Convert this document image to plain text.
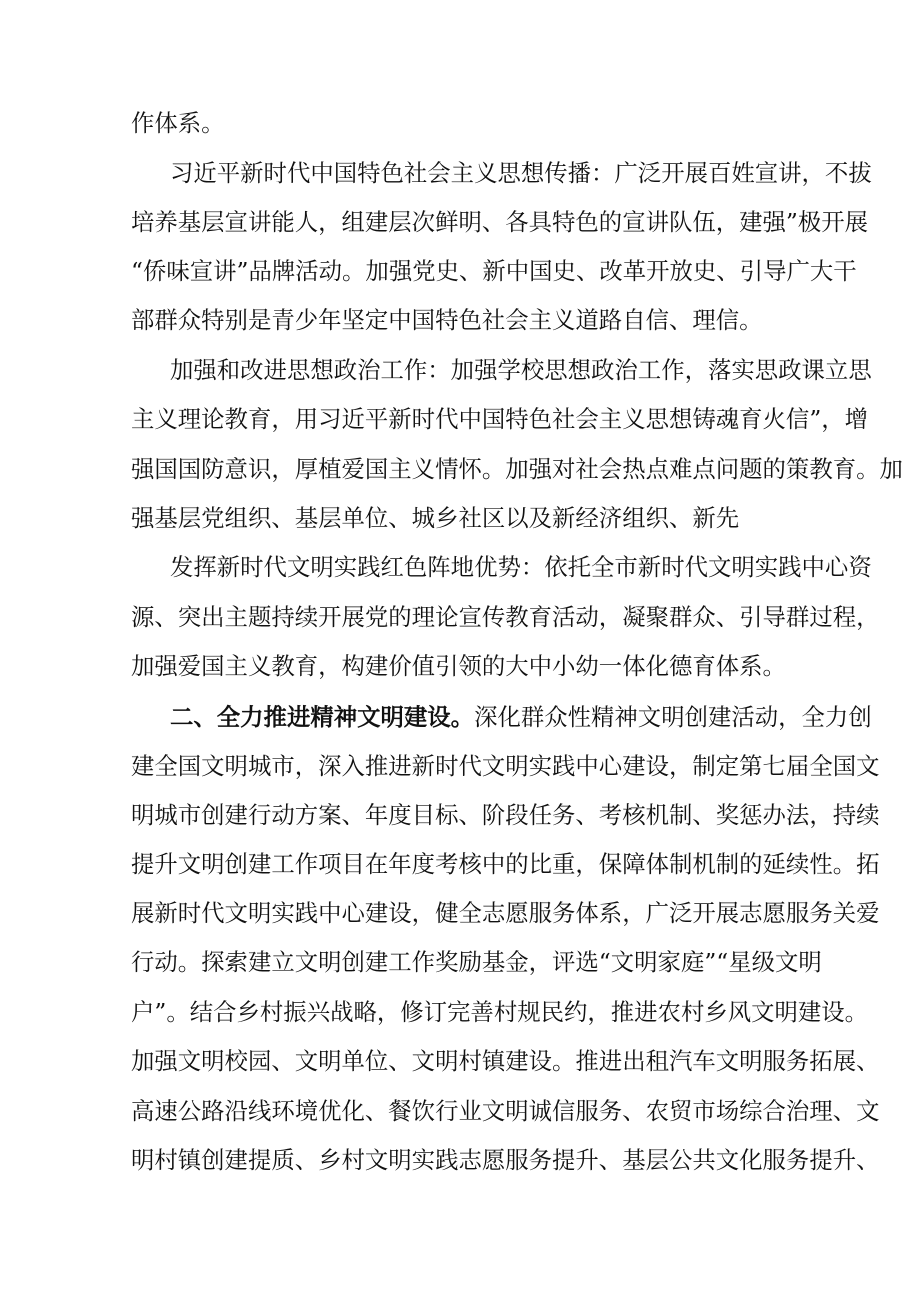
作体系。
习近平新时代中国特色社会主义思想传播：广泛开展百姓宣讲，不拔
培养基层宣讲能人，组建层次鲜明、各具特色的宣讲队伍，建强”极开展
“侨味宣讲”品牌活动。加强党史、新中国史、改革开放史、引导广大干
部群众特别是青少年坚定中国特色社会主义道路自信、理信。
加强和改进思想政治工作：加强学校思想政治工作，落实思政课立思
主义理论教育，用习近平新时代中国特色社会主义思想铸魂育火信”，增
强国国防意识，厚植爱国主义情怀。加强对社会热点难点问题的策教育。加
强基层党组织、基层单位、城乡社区以及新经济组织、新先
发挥新时代文明实践红色阵地优势：依托全市新时代文明实践中心资
源、突出主题持续开展党的理论宣传教育活动，凝聚群众、引导群过程，
加强爱国主义教育，构建价值引领的大中小幼一体化德育体系。
二、全力推进精神文明建设。深化群众性精神文明创建活动，全力创
建全国文明城市，深入推进新时代文明实践中心建设，制定第七届全国文
明城市创建行动方案、年度目标、阶段任务、考核机制、奖惩办法，持续
提升文明创建工作项目在年度考核中的比重，保障体制机制的延续性。拓
展新时代文明实践中心建设，健全志愿服务体系，广泛开展志愿服务关爱
行动。探索建立文明创建工作奖励基金，评选“文明家庭”“星级文明
户”。结合乡村振兴战略，修订完善村规民约，推进农村乡风文明建设。
加强文明校园、文明单位、文明村镇建设。推进出租汽车文明服务拓展、
高速公路沿线环境优化、餐饮行业文明诚信服务、农贸市场综合治理、文
明村镇创建提质、乡村文明实践志愿服务提升、基层公共文化服务提升、
